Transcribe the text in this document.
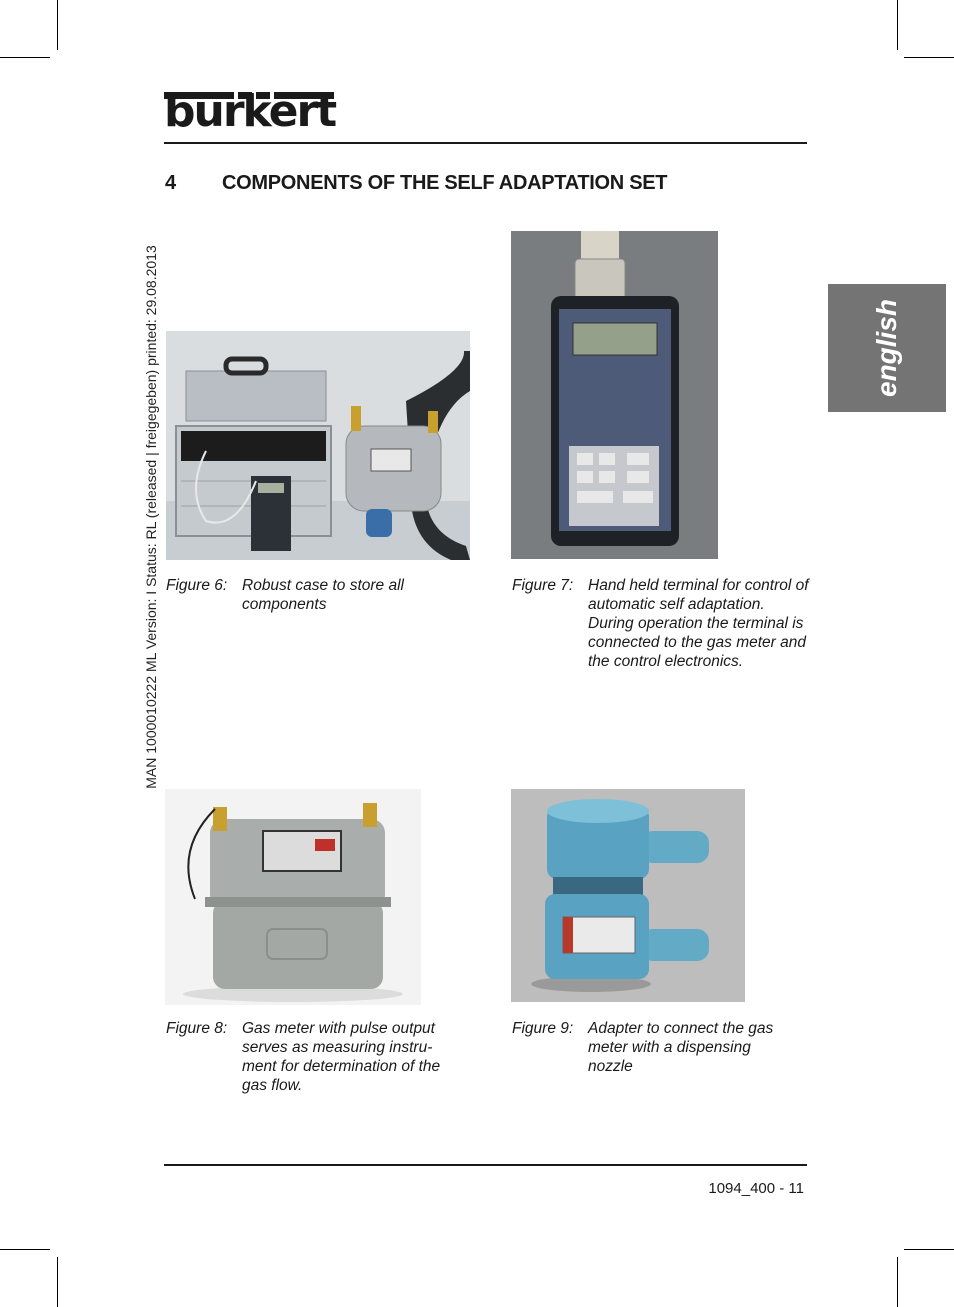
bürkert
4 COMPONENTS OF THE SELF ADAPTATION SET
MAN 1000010222 ML Version: I Status: RL (released | freigegeben) printed: 29.08.2013	english
Figure 6: Robust case to store all components
Figure 7: Hand held terminal for control of automatic self adaptation. During operation the terminal is connected to the gas meter and the control electronics.
Figure 8: Gas meter with pulse output serves as measuring instru-ment for determination of the gas flow.
Figure 9: Adapter to connect the gas meter with a dispensing nozzle
1094_400 - 11
